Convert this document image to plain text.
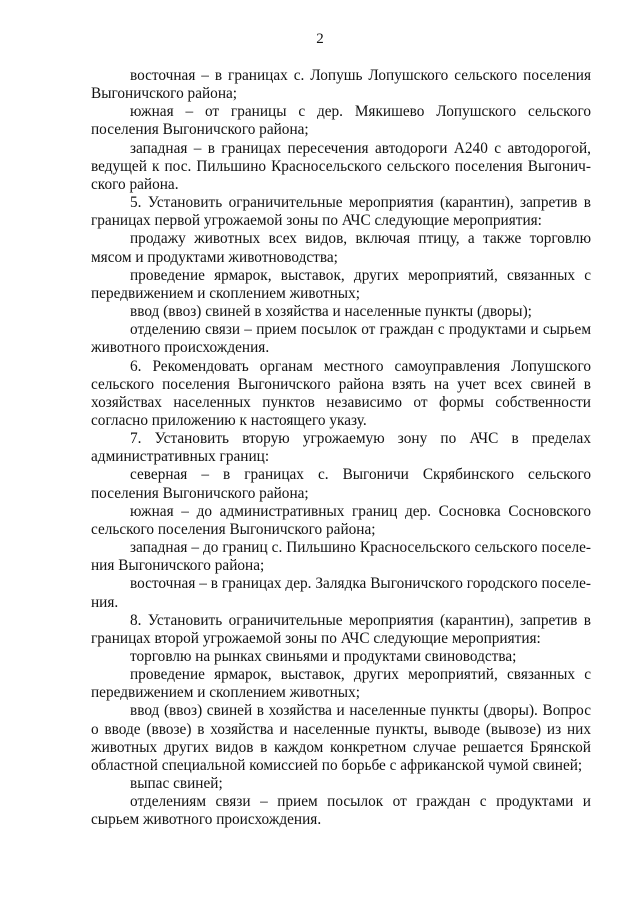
2

восточная – в границах с. Лопушь Лопушского сельского поселения Выгоничского района;

южная – от границы с дер. Мякишево Лопушского сельского поселения Выгоничского района;

западная – в границах пересечения автодороги А240 с автодорогой, ведущей к пос. Пильшино Красносельского сельского поселения Выгоничского района.

5. Установить ограничительные мероприятия (карантин), запретив в границах первой угрожаемой зоны по АЧС следующие мероприятия:

продажу животных всех видов, включая птицу, а также торговлю мясом и продуктами животноводства;

проведение ярмарок, выставок, других мероприятий, связанных с передвижением и скоплением животных;

ввод (ввоз) свиней в хозяйства и населенные пункты (дворы);

отделению связи – прием посылок от граждан с продуктами и сырьем животного происхождения.

6. Рекомендовать органам местного самоуправления Лопушского сельского поселения Выгоничского района взять на учет всех свиней в хозяйствах населенных пунктов независимо от формы собственности согласно приложению к настоящего указу.

7. Установить вторую угрожаемую зону по АЧС в пределах административных границ:

северная – в границах с. Выгоничи Скрябинского сельского поселения Выгоничского района;

южная – до административных границ дер. Сосновка Сосновского сельского поселения Выгоничского района;

западная – до границ с. Пильшино Красносельского сельского поселения Выгоничского района;

восточная – в границах дер. Залядка Выгоничского городского поселения.

8. Установить ограничительные мероприятия (карантин), запретив в границах второй угрожаемой зоны по АЧС следующие мероприятия:

торговлю на рынках свиньями и продуктами свиноводства;

проведение ярмарок, выставок, других мероприятий, связанных с передвижением и скоплением животных;

ввод (ввоз) свиней в хозяйства и населенные пункты (дворы). Вопрос о вводе (ввозе) в хозяйства и населенные пункты, выводе (вывозе) из них животных других видов в каждом конкретном случае решается Брянской областной специальной комиссией по борьбе с африканской чумой свиней;

выпас свиней;

отделениям связи – прием посылок от граждан с продуктами и сырьем животного происхождения.
